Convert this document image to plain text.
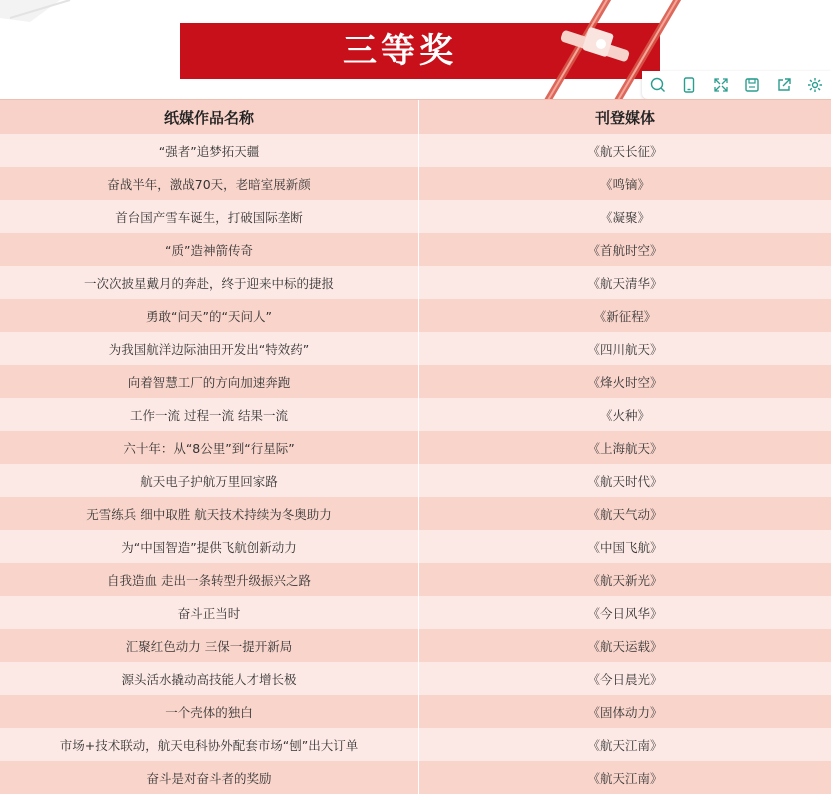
三等奖
纸媒作品名称	刊登媒体
“强者”追梦拓天疆	《航天长征》
奋战半年，激战70天，老暗室展新颜	《鸣镝》
首台国产雪车诞生，打破国际垄断	《凝聚》
“质”造神箭传奇	《首航时空》
一次次披星戴月的奔赴，终于迎来中标的捷报	《航天清华》
勇敢“问天”的“天问人”	《新征程》
为我国航洋边际油田开发出“特效药”	《四川航天》
向着智慧工厂的方向加速奔跑	《烽火时空》
工作一流 过程一流 结果一流	《火种》
六十年：从“8公里”到“行星际”	《上海航天》
航天电子护航万里回家路	《航天时代》
无雪练兵 细中取胜 航天技术持续为冬奥助力	《航天气动》
为“中国智造”提供飞航创新动力	《中国飞航》
自我造血 走出一条转型升级振兴之路	《航天新光》
奋斗正当时	《今日风华》
汇聚红色动力 三保一提开新局	《航天运载》
源头活水撬动高技能人才增长极	《今日晨光》
一个壳体的独白	《固体动力》
市场+技术联动，航天电科协外配套市场“刨”出大订单	《航天江南》
奋斗是对奋斗者的奖励	《航天江南》
